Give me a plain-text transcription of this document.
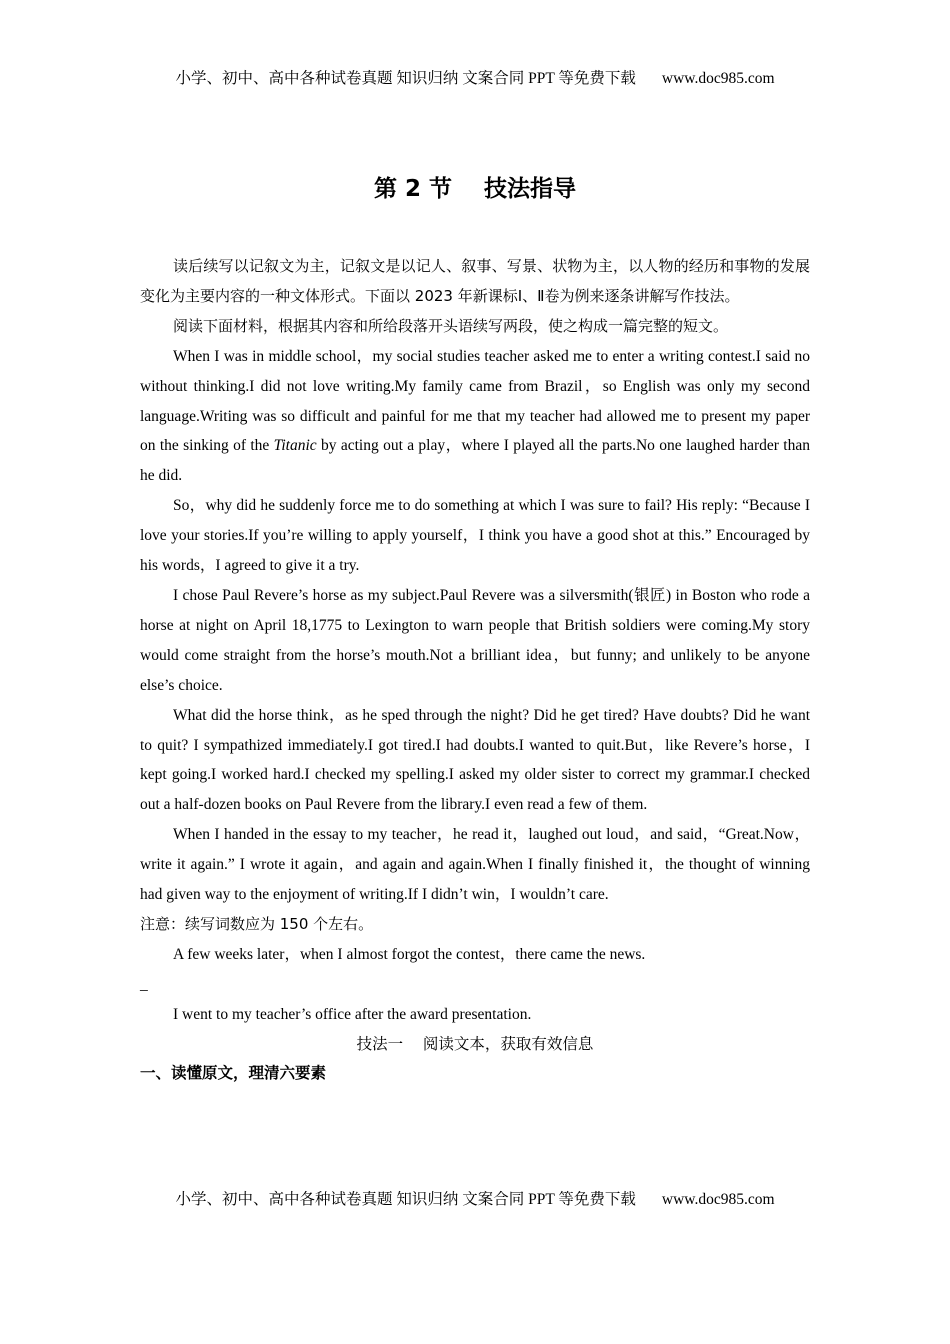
小学、初中、高中各种试卷真题 知识归纳 文案合同 PPT 等免费下载 www.doc985.com
第 2 节    技法指导

读后续写以记叙文为主，记叙文是以记人、叙事、写景、状物为主，以人物的经历和事物的发展变化为主要内容的一种文体形式。下面以 2023 年新课标Ⅰ、Ⅱ卷为例来逐条讲解写作技法。

阅读下面材料，根据其内容和所给段落开头语续写两段，使之构成一篇完整的短文。

When I was in middle school，my social studies teacher asked me to enter a writing contest.I said no without thinking.I did not love writing.My family came from Brazil，so English was only my second language.Writing was so difficult and painful for me that my teacher had allowed me to present my paper on the sinking of the Titanic by acting out a play，where I played all the parts.No one laughed harder than he did.

So，why did he suddenly force me to do something at which I was sure to fail? His reply: “Because I love your stories.If you’re willing to apply yourself，I think you have a good shot at this.” Encouraged by his words，I agreed to give it a try.

I chose Paul Revere’s horse as my subject.Paul Revere was a silversmith(银匠) in Boston who rode a horse at night on April 18,1775 to Lexington to warn people that British soldiers were coming.My story would come straight from the horse’s mouth.Not a brilliant idea，but funny; and unlikely to be anyone else’s choice.

What did the horse think，as he sped through the night? Did he get tired? Have doubts? Did he want to quit? I sympathized immediately.I got tired.I had doubts.I wanted to quit.But，like Revere’s horse，I kept going.I worked hard.I checked my spelling.I asked my older sister to correct my grammar.I checked out a half-dozen books on Paul Revere from the library.I even read a few of them.

When I handed in the essay to my teacher，he read it，laughed out loud，and said，“Great.Now，write it again.” I wrote it again，and again and again.When I finally finished it，the thought of winning had given way to the enjoyment of writing.If I didn’t win，I wouldn’t care.

注意：续写词数应为 150 个左右。

A few weeks later，when I almost forgot the contest，there came the news.

_

I went to my teacher’s office after the award presentation.

技法一    阅读文本，获取有效信息

一、读懂原文，理清六要素

小学、初中、高中各种试卷真题 知识归纳 文案合同 PPT 等免费下载 www.doc985.com
